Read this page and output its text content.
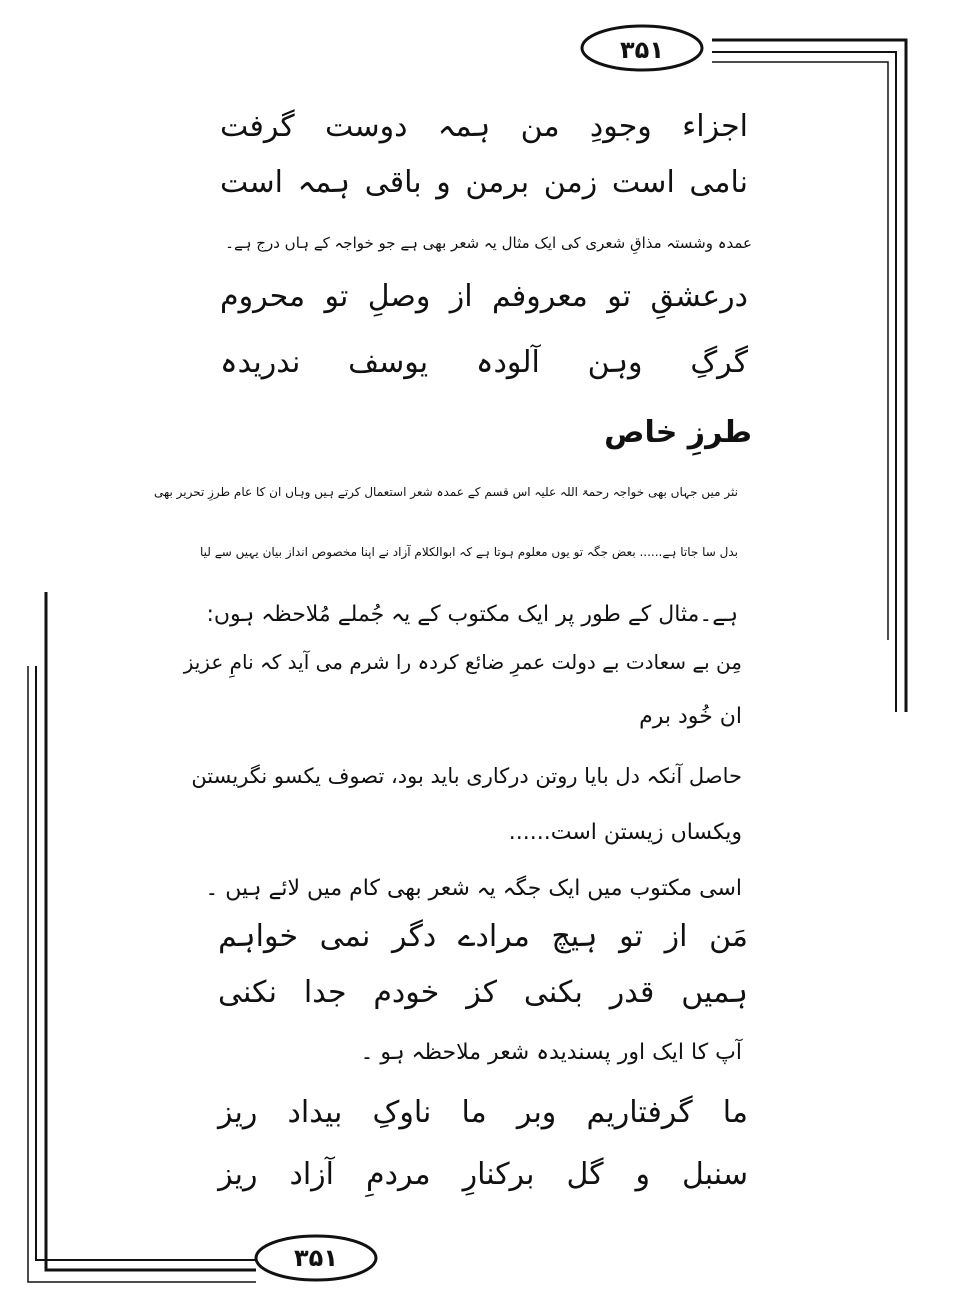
۳۵۱
۳۵۱
اجزاء
وجودِ
من
ہمہ
دوست
گرفت
نامی
است
زمن
برمن
و
باقی
ہمہ
است
عمدہ وشستہ مذاقِ شعری کی ایک مثال یہ شعر بھی ہے جو خواجہ کے ہاں درج ہے۔
درعشقِ
تو
معروفم
از
وصلِ
تو
محروم
گرگِ
وہن
آلودہ
یوسف
ندریدہ
طرزِ خاص
نثر میں جہاں بھی خواجہ رحمۃ اللہ علیہ اس قسم کے عمدہ شعر استعمال کرتے ہیں وہاں ان کا عام طرزِ تحریر بھی
بدل سا جاتا ہے...... بعض جگہ تو یوں معلوم ہوتا ہے کہ ابوالکلام آزاد نے اپنا مخصوص انداز بیان یہیں سے لیا
ہے۔مثال کے طور پر ایک مکتوب کے یہ جُملے مُلاحظہ ہوں:
مِن بے سعادت بے دولت عمرِ ضائع کردہ را شرم می آید کہ نامِ عزیز
ان خُود برم
حاصل آنکہ دل بایا روتن درکاری باید بود، تصوف یکسو نگریستن
ویکساں زیستن است......
اسی مکتوب میں ایک جگہ یہ شعر بھی کام میں لائے ہیں ۔
مَن
از
تو
ہیچ
مرادے
دگر
نمی
خواہم
ہمیں
قدر
بکنی
کز
خودم
جدا
نکنی
آپ کا ایک اور پسندیدہ شعر ملاحظہ ہو ۔
ما
گرفتاریم
وبر
ما
ناوکِ
بیداد
ریز
سنبل
و
گل
برکنارِ
مردمِ
آزاد
ریز
